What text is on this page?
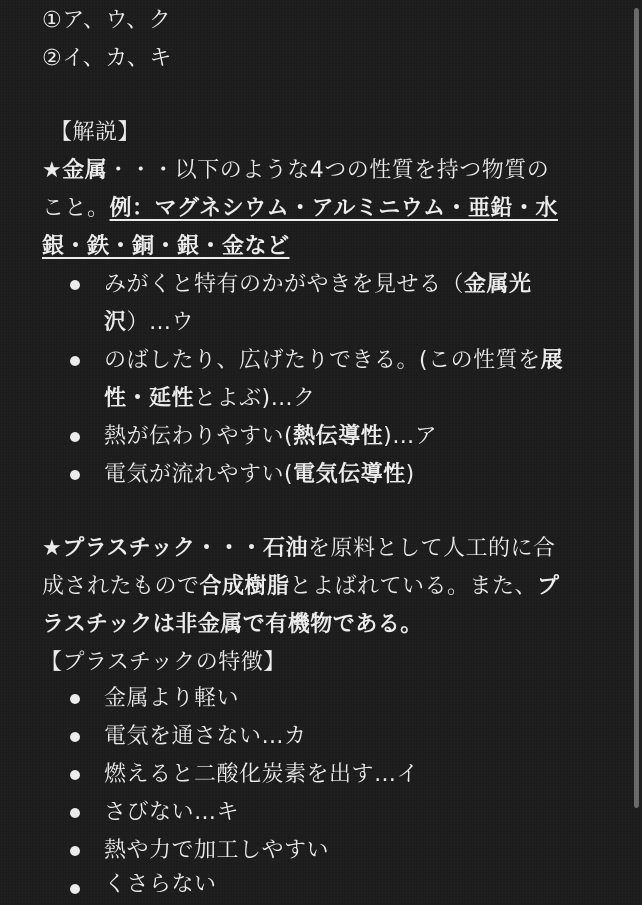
①ア、ウ、ク
②イ、カ、キ
【解説】
★金属・・・以下のような4つの性質を持つ物質の
こと。例：マグネシウム・アルミニウム・亜鉛・水
銀・鉄・銅・銀・金など
みがくと特有のかがやきを見せる（金属光
沢）…ウ
のばしたり、広げたりできる。(この性質を展
性・延性とよぶ)…ク
熱が伝わりやすい(熱伝導性)…ア
電気が流れやすい(電気伝導性)
★プラスチック・・・石油を原料として人工的に合
成されたもので合成樹脂とよばれている。また、プ
ラスチックは非金属で有機物である。
【プラスチックの特徴】
金属より軽い
電気を通さない…カ
燃えると二酸化炭素を出す…イ
さびない…キ
熱や力で加工しやすい
くさらない
